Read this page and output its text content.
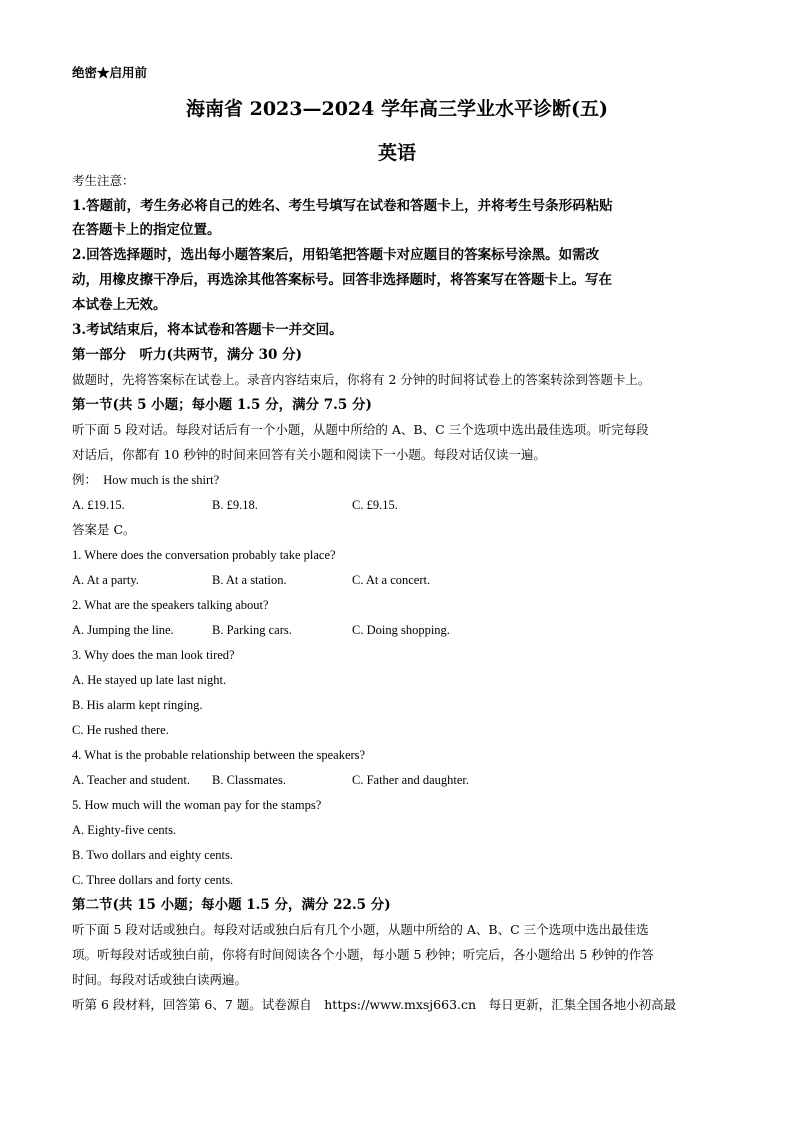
绝密★启用前
海南省 2023—2024 学年高三学业水平诊断(五)
英语
考生注意：
1.答题前，考生务必将自己的姓名、考生号填写在试卷和答题卡上，并将考生号条形码粘贴
在答题卡上的指定位置。
2.回答选择题时，选出每小题答案后，用铅笔把答题卡对应题目的答案标号涂黑。如需改
动，用橡皮擦干净后，再选涂其他答案标号。回答非选择题时，将答案写在答题卡上。写在
本试卷上无效。
3.考试结束后，将本试卷和答题卡一并交回。
第一部分　听力(共两节，满分 30 分)
做题时，先将答案标在试卷上。录音内容结束后，你将有 2 分钟的时间将试卷上的答案转涂到答题卡上。
第一节(共 5 小题；每小题 1.5 分，满分 7.5 分)
听下面 5 段对话。每段对话后有一个小题，从题中所给的 A、B、C 三个选项中选出最佳选项。听完每段
对话后，你都有 10 秒钟的时间来回答有关小题和阅读下一小题。每段对话仅读一遍。
例：　How much is the shirt?
A. £19.15.	B. £9.18.	C. £9.15.
答案是 C。
1. Where does the conversation probably take place?
A. At a party.	B. At a station.	C. At a concert.
2. What are the speakers talking about?
A. Jumping the line.	B. Parking cars.	C. Doing shopping.
3. Why does the man look tired?
A. He stayed up late last night.
B. His alarm kept ringing.
C. He rushed there.
4. What is the probable relationship between the speakers?
A. Teacher and student. B. Classmates.	C. Father and daughter.
5. How much will the woman pay for the stamps?
A. Eighty-five cents.
B. Two dollars and eighty cents.
C. Three dollars and forty cents.
第二节(共 15 小题；每小题 1.5 分，满分 22.5 分)
听下面 5 段对话或独白。每段对话或独白后有几个小题，从题中所给的 A、B、C 三个选项中选出最佳选
项。听每段对话或独白前，你将有时间阅读各个小题，每小题 5 秒钟；听完后，各小题给出 5 秒钟的作答
时间。每段对话或独白读两遍。
听第 6 段材料，回答第 6、7 题。试卷源自　https://www.mxsj663.cn　每日更新，汇集全国各地小初高最
